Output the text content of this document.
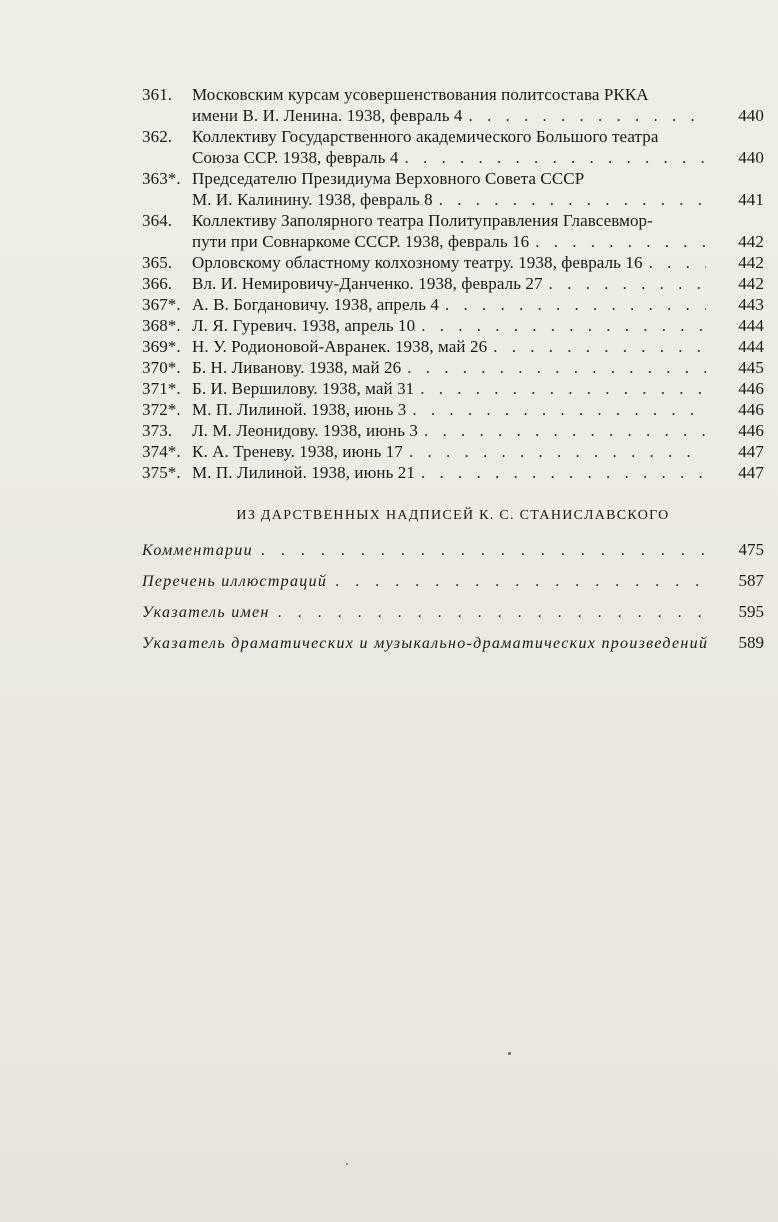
361.	Московским курсам усовершенствования политсостава РККА
имени В. И. Ленина. 1938, февраль 4 . . .	440
362.	Коллективу Государственного академического Большого театра
Союза ССР. 1938, февраль 4 . . .	440
363*. Председателю Президиума Верховного Совета СССР
М. И. Калинину. 1938, февраль 8 . . .	441
364.	Коллективу Заполярного театра Политуправления Главсевмор-
пути при Совнаркоме СССР. 1938, февраль 16 . . .	442
365.	Орловскому областному колхозному театру. 1938, февраль 16 . . .	442
366.	Вл. И. Немировичу-Данченко. 1938, февраль 27 . . .	442
367*. А. В. Богдановичу. 1938, апрель 4 . . .	443
368*. Л. Я. Гуревич. 1938, апрель 10 . . .	444
369*. Н. У. Родионовой-Авранек. 1938, май 26 . . .	444
370*. Б. Н. Ливанову. 1938, май 26 . . .	445
371*. Б. И. Вершилову. 1938, май 31 . . .	446
372*. М. П. Лилиной. 1938, июнь 3 . . .	446
373.	Л. М. Леонидову. 1938, июнь 3 . . .	446
374*. К. А. Треневу. 1938, июнь 17 . . .	447
375*. М. П. Лилиной. 1938, июнь 21 . . .	447
ИЗ ДАРСТВЕННЫХ НАДПИСЕЙ К. С. СТАНИСЛАВСКОГО
Комментарии . . .	475
Перечень иллюстраций . . .	587
Указатель имен . . .	595
Указатель драматических и музыкально-драматических произведений	589
